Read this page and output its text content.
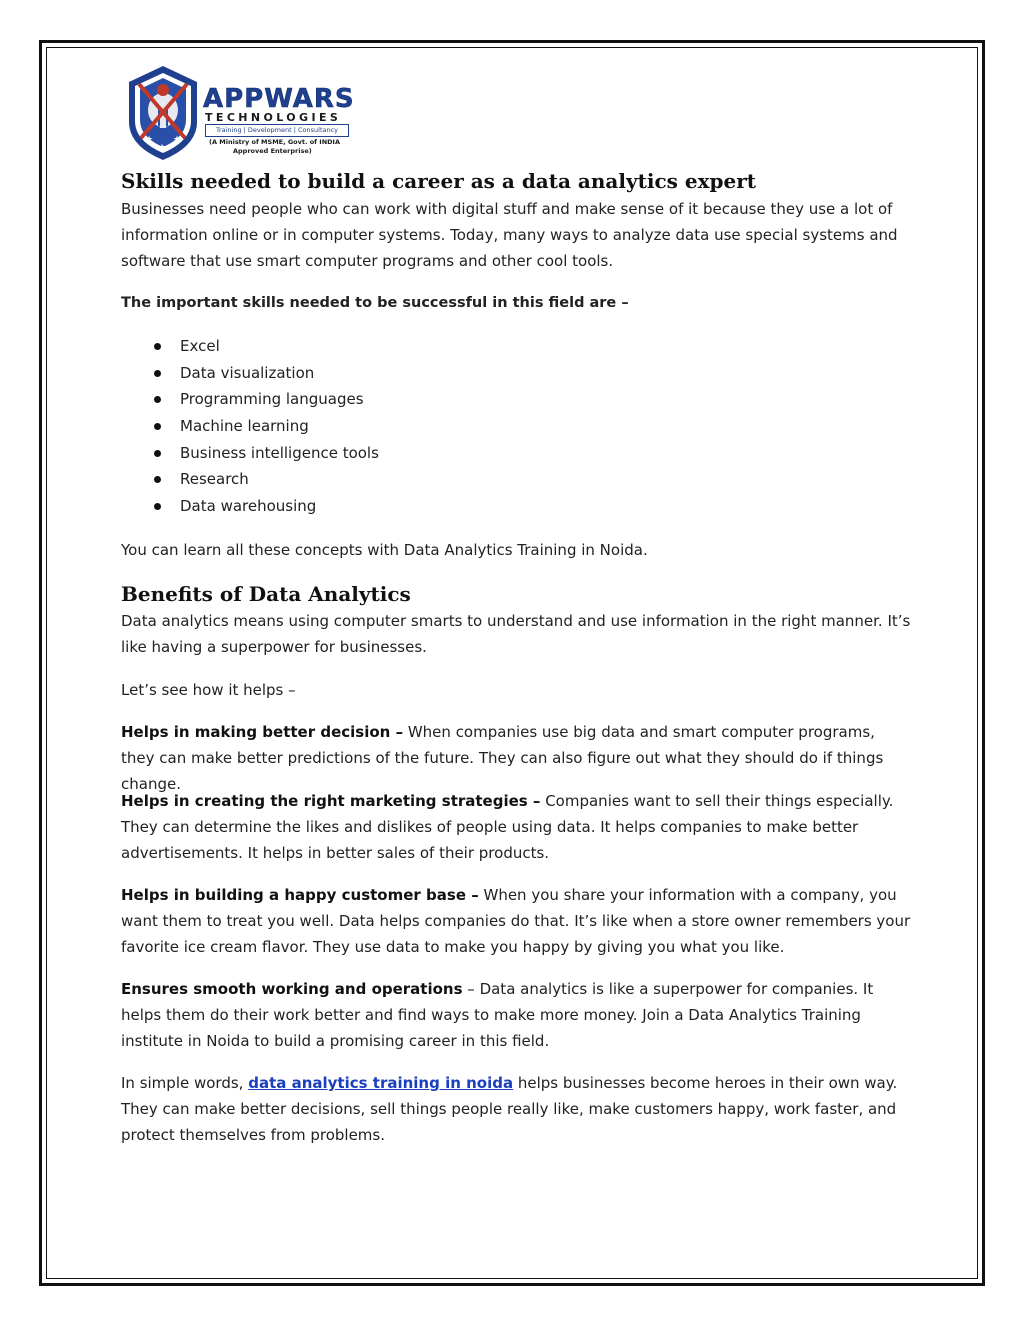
★ ★
★
APPWARS
TECHNOLOGIES
Training | Development | Consultancy
(A Ministry of MSME, Govt. of INDIA
Approved Enterprise)
Skills needed to build a career as a data analytics expert

Businesses need people who can work with digital stuff and make sense of it because they use a lot of information online or in computer systems. Today, many ways to analyze data use special systems and software that use smart computer programs and other cool tools.

The important skills needed to be successful in this field are –

Excel
Data visualization
Programming languages
Machine learning
Business intelligence tools
Research
Data warehousing

You can learn all these concepts with Data Analytics Training in Noida.

Benefits of Data Analytics

Data analytics means using computer smarts to understand and use information in the right manner. It’s like having a superpower for businesses.

Let’s see how it helps –

Helps in making better decision – When companies use big data and smart computer programs, they can make better predictions of the future. They can also figure out what they should do if things change.

Helps in creating the right marketing strategies – Companies want to sell their things especially. They can determine the likes and dislikes of people using data. It helps companies to make better advertisements. It helps in better sales of their products.

Helps in building a happy customer base – When you share your information with a company, you want them to treat you well. Data helps companies do that. It’s like when a store owner remembers your favorite ice cream flavor. They use data to make you happy by giving you what you like.

Ensures smooth working and operations – Data analytics is like a superpower for companies. It helps them do their work better and find ways to make more money. Join a Data Analytics Training institute in Noida to build a promising career in this field.

In simple words, data analytics training in noida helps businesses become heroes in their own way. They can make better decisions, sell things people really like, make customers happy, work faster, and protect themselves from problems.
